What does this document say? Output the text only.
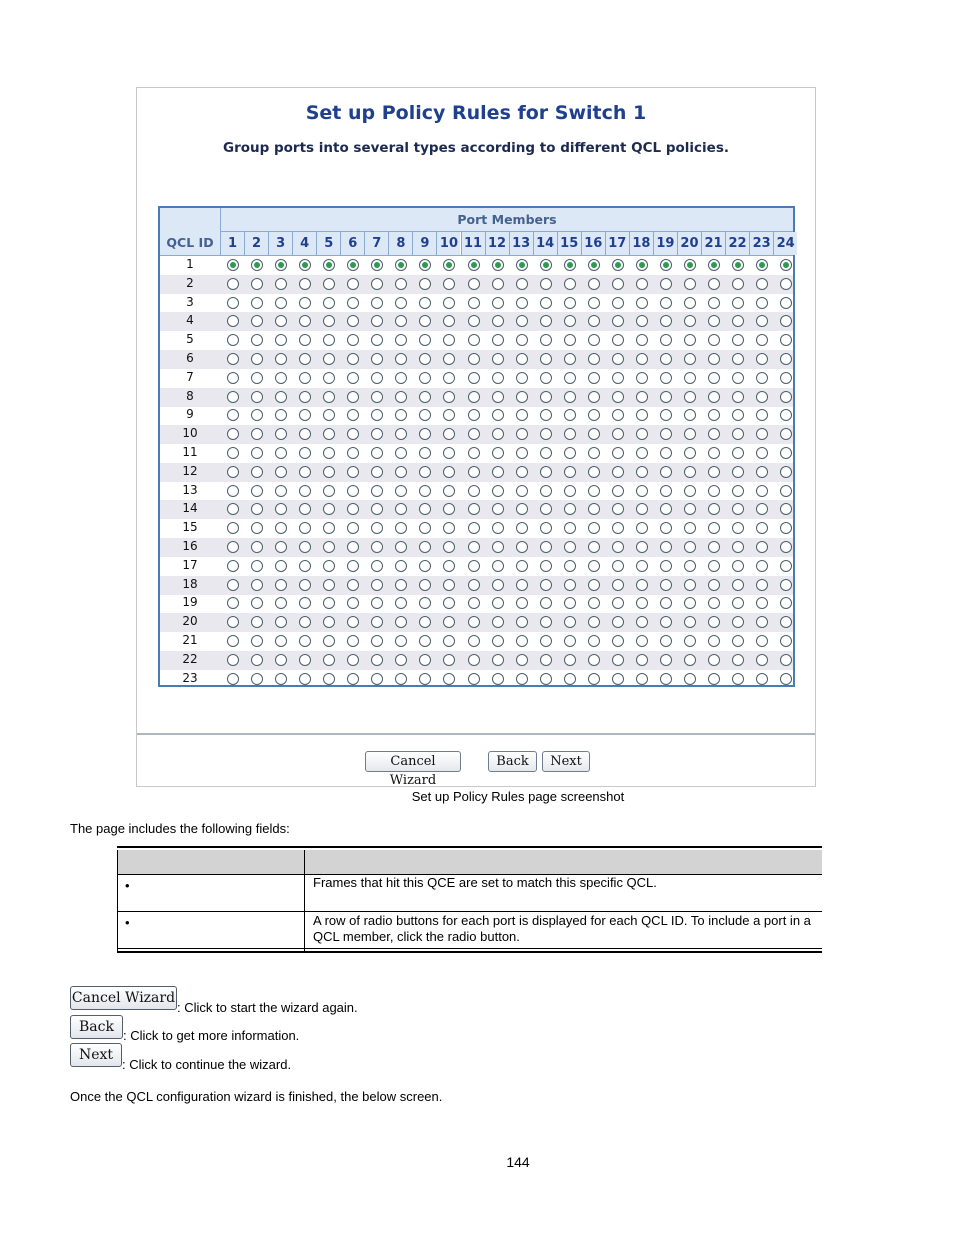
Set up Policy Rules for Switch 1
Group ports into several types according to different QCL policies.
Port Members
QCL ID	1	2	3	4	5	6	7	8	9 10 11 12 13 14 15 16 17 18 19 20 21 22 23 24
1
2
3
4
5
6
7
8
9
10
11
12
13
14
15
16
17
18
19
20
21
22
23
Cancel Wizard
Back	Next
Set up Policy Rules page screenshot
The page includes the following fields:
•	Frames that hit this QCE are set to match this specific QCL.
•	A row of radio buttons for each port is displayed for each QCL ID. To include a port in a QCL member, click the radio button.
Cancel Wizard
: Click to start the wizard again.
Back
: Click to get more information.
Next
: Click to continue the wizard.
Once the QCL configuration wizard is finished, the below screen.
144
